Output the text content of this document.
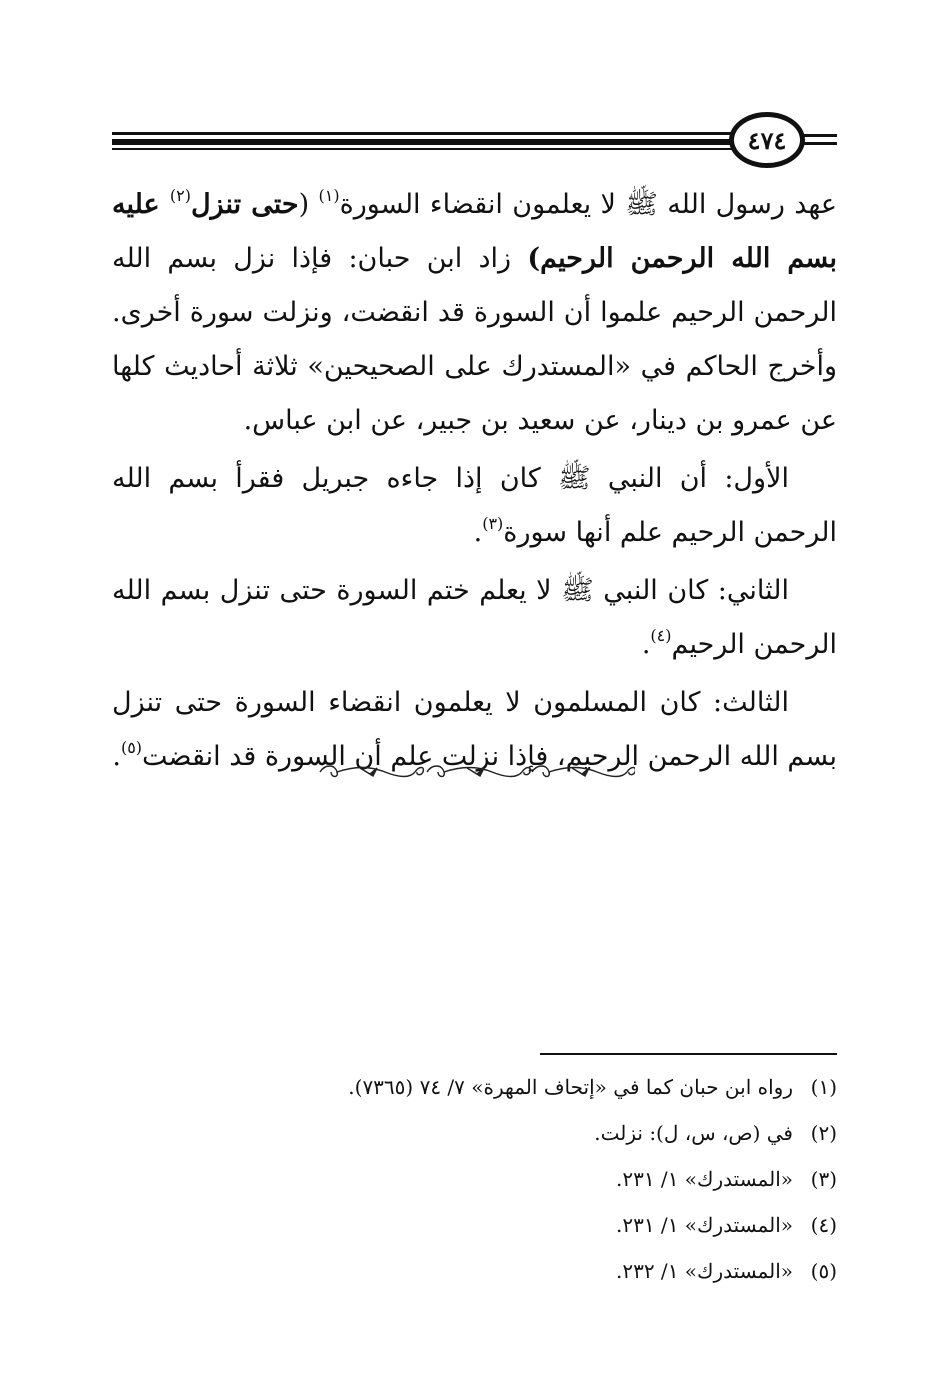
٤٧٤

عهد رسول الله ﷺ لا يعلمون انقضاء السورة$^{(١)}$ (حتى تنزل$^{(٢)}$ عليه بسم الله الرحمن الرحيم) زاد ابن حبان: فإذا نزل بسم الله الرحمن الرحيم علموا أن السورة قد انقضت، ونزلت سورة أخرى. وأخرج الحاكم في «المستدرك على الصحيحين» ثلاثة أحاديث كلها عن عمرو بن دينار، عن سعيد بن جبير، عن ابن عباس.

الأول: أن النبي ﷺ كان إذا جاءه جبريل فقرأ بسم الله الرحمن الرحيم علم أنها سورة$^{(٣)}$.

الثاني: كان النبي ﷺ لا يعلم ختم السورة حتى تنزل بسم الله الرحمن الرحيم$^{(٤)}$.

الثالث: كان المسلمون لا يعلمون انقضاء السورة حتى تنزل بسم الله الرحمن الرحيم، فإذا نزلت علم أن السورة قد انقضت$^{(٥)}$.

(١)
رواه ابن حبان كما في «إتحاف المهرة» ٧/ ٧٤ (٧٣٦٥).
(٢)
في (ص، س، ل): نزلت.
(٣)
«المستدرك» ١/ ٢٣١.
(٤)
«المستدرك» ١/ ٢٣١.
(٥)
«المستدرك» ١/ ٢٣٢.
